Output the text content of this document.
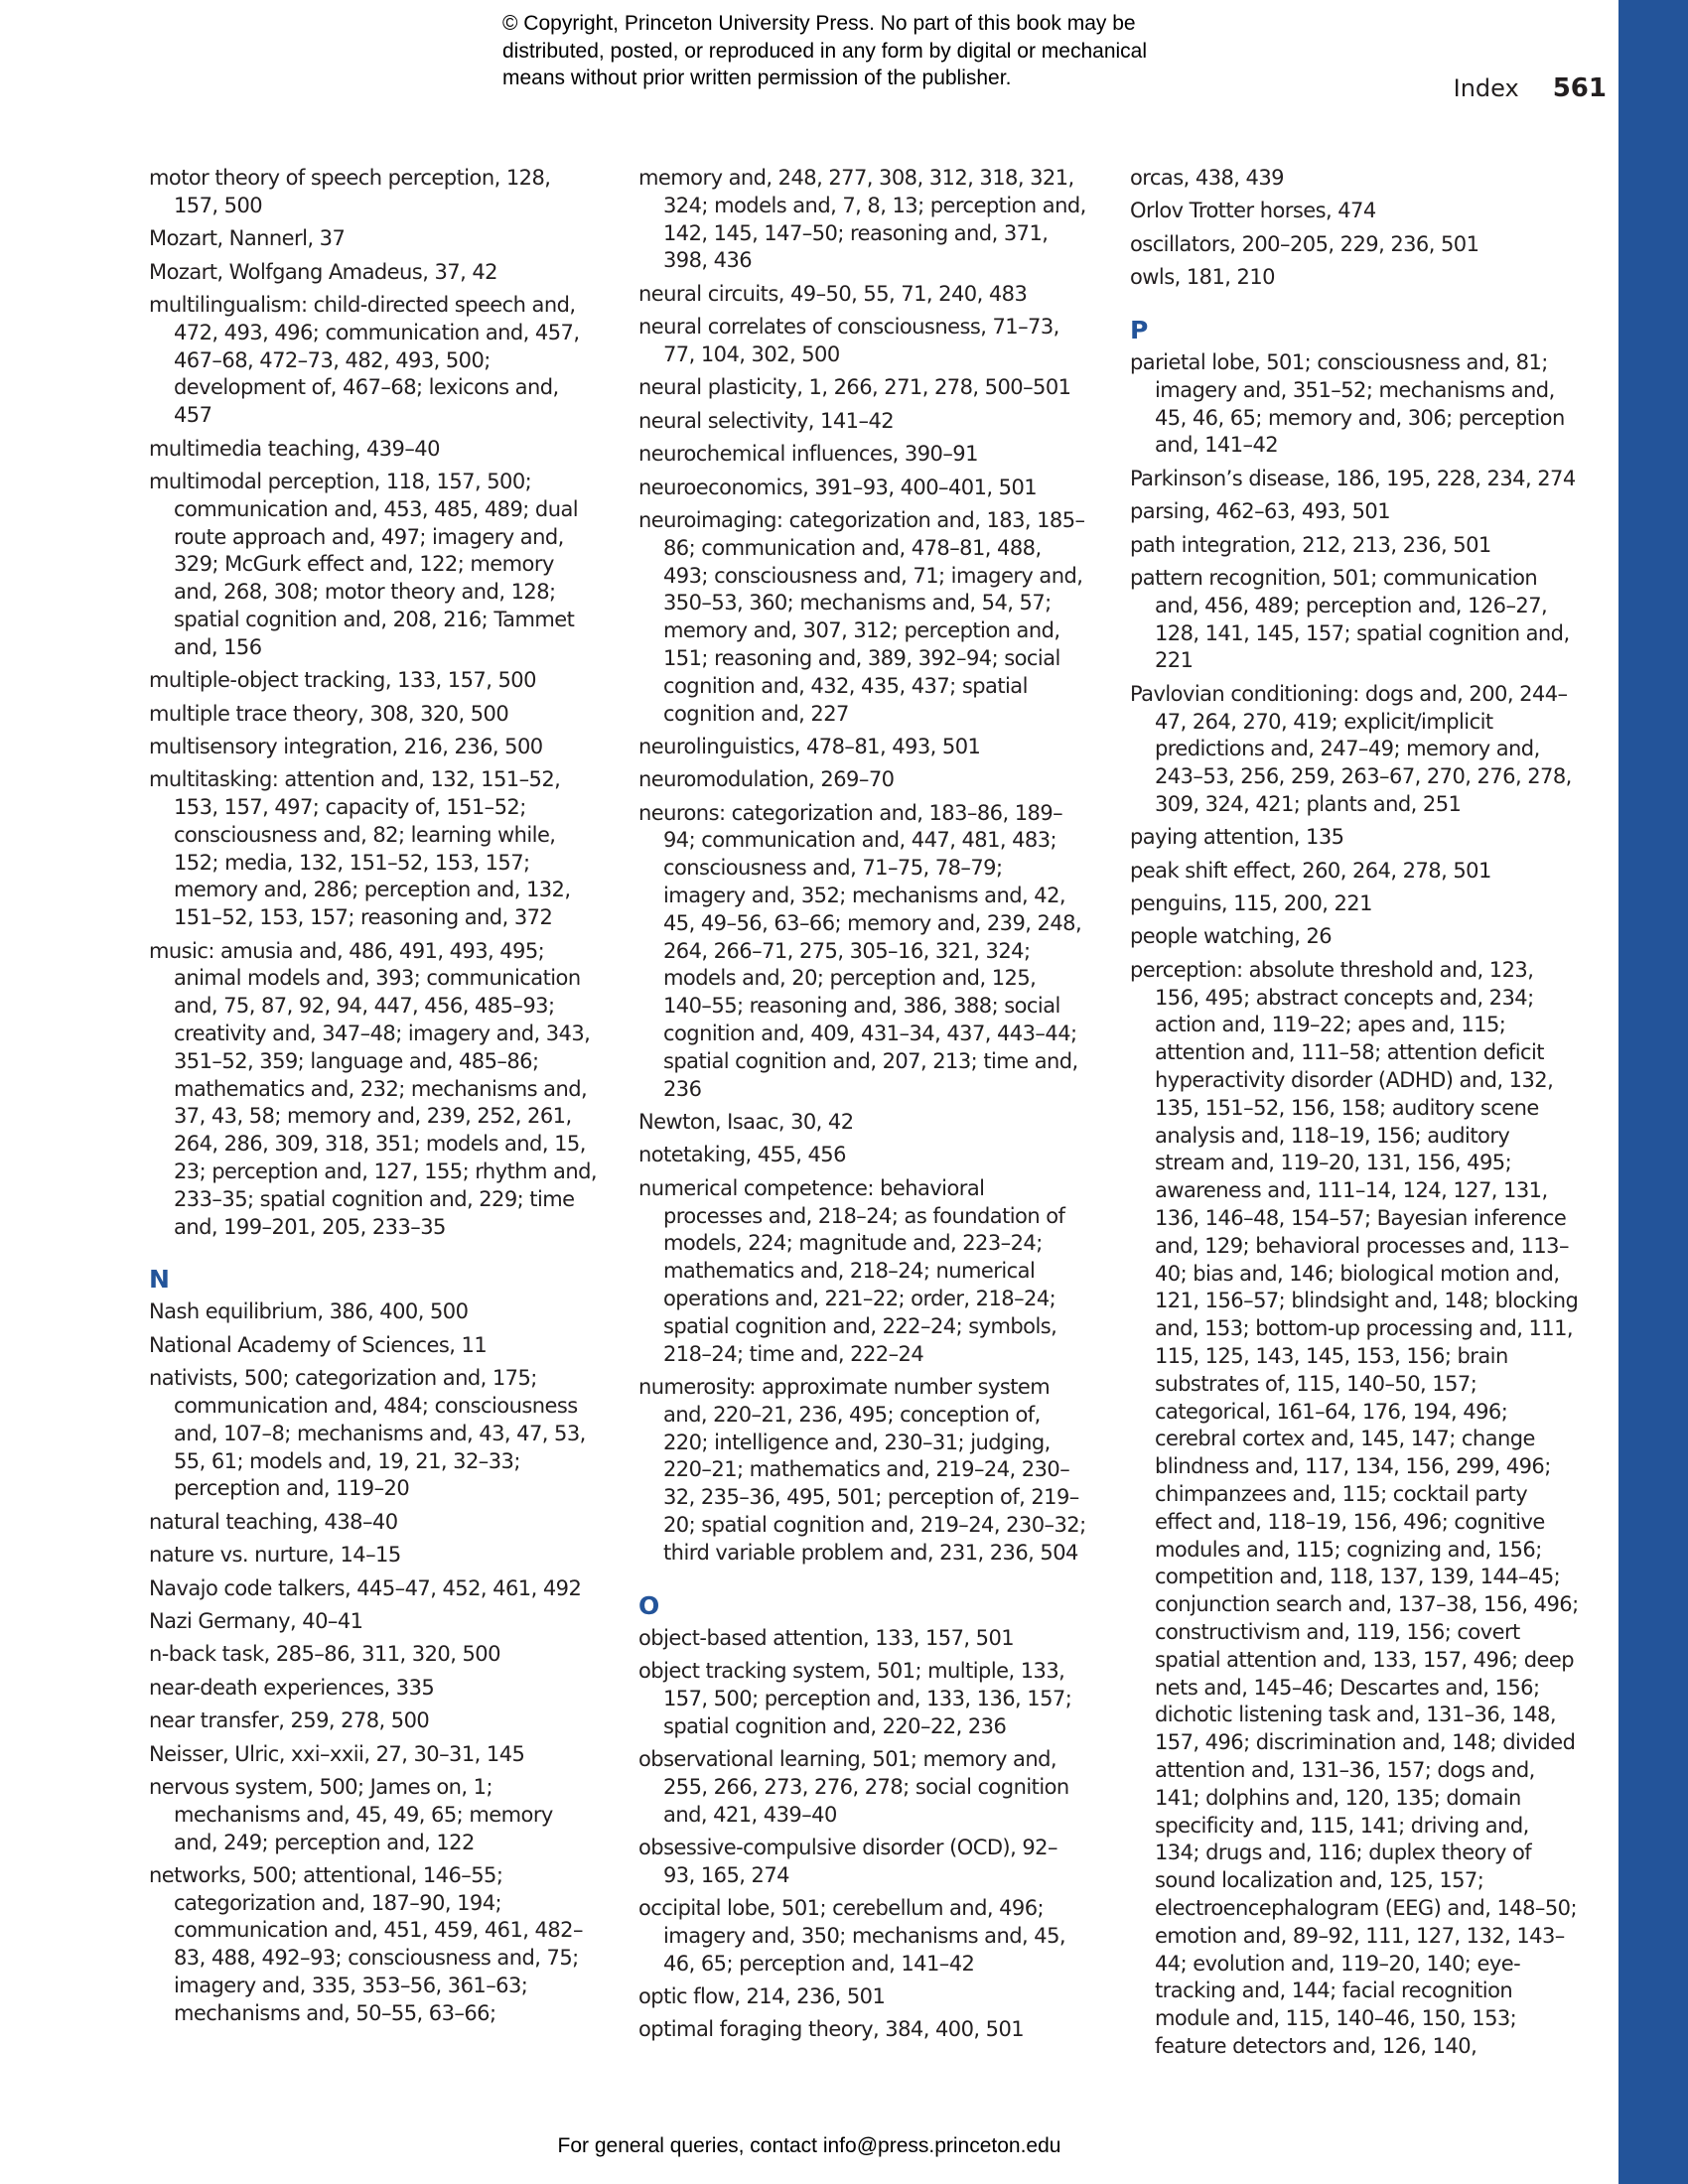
© Copyright, Princeton University Press. No part of this book may be
distributed, posted, or reproduced in any form by digital or mechanical
means without prior written permission of the publisher.	Index 561
motor theory of speech perception, 128, 157, 500
Mozart, Nannerl, 37
Mozart, Wolfgang Amadeus, 37, 42
multilingualism: child-directed speech and, 472, 493, 496; communication and, 457, 467–68, 472–73, 482, 493, 500; development of, 467–68; lexicons and, 457
multimedia teaching, 439–40
multimodal perception, 118, 157, 500; communication and, 453, 485, 489; dual route approach and, 497; imagery and, 329; McGurk effect and, 122; memory and, 268, 308; motor theory and, 128; spatial cognition and, 208, 216; Tammet and, 156
multiple-object tracking, 133, 157, 500
multiple trace theory, 308, 320, 500
multisensory integration, 216, 236, 500
multitasking: attention and, 132, 151–52, 153, 157, 497; capacity of, 151–52; consciousness and, 82; learning while, 152; media, 132, 151–52, 153, 157; memory and, 286; perception and, 132, 151–52, 153, 157; reasoning and, 372
music: amusia and, 486, 491, 493, 495; animal models and, 393; communication and, 75, 87, 92, 94, 447, 456, 485–93; creativity and, 347–48; imagery and, 343, 351–52, 359; language and, 485–86; mathematics and, 232; mechanisms and, 37, 43, 58; memory and, 239, 252, 261, 264, 286, 309, 318, 351; models and, 15, 23; perception and, 127, 155; rhythm and, 233–35; spatial cognition and, 229; time and, 199–201, 205, 233–35
N
Nash equilibrium, 386, 400, 500
National Academy of Sciences, 11
nativists, 500; categorization and, 175; communication and, 484; consciousness and, 107–8; mechanisms and, 43, 47, 53, 55, 61; models and, 19, 21, 32–33; perception and, 119–20
natural teaching, 438–40
nature vs. nurture, 14–15
Navajo code talkers, 445–47, 452, 461, 492
Nazi Germany, 40–41
n-back task, 285–86, 311, 320, 500
near-death experiences, 335
near transfer, 259, 278, 500
Neisser, Ulric, xxi–xxii, 27, 30–31, 145
nervous system, 500; James on, 1; mechanisms and, 45, 49, 65; memory and, 249; perception and, 122
networks, 500; attentional, 146–55; categorization and, 187–90, 194; communication and, 451, 459, 461, 482–83, 488, 492–93; consciousness and, 75; imagery and, 335, 353–56, 361–63; mechanisms and, 50–55, 63–66;
memory and, 248, 277, 308, 312, 318, 321, 324; models and, 7, 8, 13; perception and, 142, 145, 147–50; reasoning and, 371, 398, 436
neural circuits, 49–50, 55, 71, 240, 483
neural correlates of consciousness, 71–73, 77, 104, 302, 500
neural plasticity, 1, 266, 271, 278, 500–501
neural selectivity, 141–42
neurochemical influences, 390–91
neuroeconomics, 391–93, 400–401, 501
neuroimaging: categorization and, 183, 185–86; communication and, 478–81, 488, 493; consciousness and, 71; imagery and, 350–53, 360; mechanisms and, 54, 57; memory and, 307, 312; perception and, 151; reasoning and, 389, 392–94; social cognition and, 432, 435, 437; spatial cognition and, 227
neurolinguistics, 478–81, 493, 501
neuromodulation, 269–70
neurons: categorization and, 183–86, 189–94; communication and, 447, 481, 483; consciousness and, 71–75, 78–79; imagery and, 352; mechanisms and, 42, 45, 49–56, 63–66; memory and, 239, 248, 264, 266–71, 275, 305–16, 321, 324; models and, 20; perception and, 125, 140–55; reasoning and, 386, 388; social cognition and, 409, 431–34, 437, 443–44; spatial cognition and, 207, 213; time and, 236
Newton, Isaac, 30, 42
notetaking, 455, 456
numerical competence: behavioral processes and, 218–24; as foundation of models, 224; magnitude and, 223–24; mathematics and, 218–24; numerical operations and, 221–22; order, 218–24; spatial cognition and, 222–24; symbols, 218–24; time and, 222–24
numerosity: approximate number system and, 220–21, 236, 495; conception of, 220; intelligence and, 230–31; judging, 220–21; mathematics and, 219–24, 230–32, 235–36, 495, 501; perception of, 219–20; spatial cognition and, 219–24, 230–32; third variable problem and, 231, 236, 504
O
object-based attention, 133, 157, 501
object tracking system, 501; multiple, 133, 157, 500; perception and, 133, 136, 157; spatial cognition and, 220–22, 236
observational learning, 501; memory and, 255, 266, 273, 276, 278; social cognition and, 421, 439–40
obsessive-compulsive disorder (OCD), 92–93, 165, 274
occipital lobe, 501; cerebellum and, 496; imagery and, 350; mechanisms and, 45, 46, 65; perception and, 141–42
optic flow, 214, 236, 501
optimal foraging theory, 384, 400, 501
orcas, 438, 439
Orlov Trotter horses, 474
oscillators, 200–205, 229, 236, 501
owls, 181, 210
P
parietal lobe, 501; consciousness and, 81; imagery and, 351–52; mechanisms and, 45, 46, 65; memory and, 306; perception and, 141–42
Parkinson’s disease, 186, 195, 228, 234, 274
parsing, 462–63, 493, 501
path integration, 212, 213, 236, 501
pattern recognition, 501; communication and, 456, 489; perception and, 126–27, 128, 141, 145, 157; spatial cognition and, 221
Pavlovian conditioning: dogs and, 200, 244–47, 264, 270, 419; explicit/implicit predictions and, 247–49; memory and, 243–53, 256, 259, 263–67, 270, 276, 278, 309, 324, 421; plants and, 251
paying attention, 135
peak shift effect, 260, 264, 278, 501
penguins, 115, 200, 221
people watching, 26
perception: absolute threshold and, 123, 156, 495; abstract concepts and, 234; action and, 119–22; apes and, 115; attention and, 111–58; attention deficit hyperactivity disorder (ADHD) and, 132, 135, 151–52, 156, 158; auditory scene analysis and, 118–19, 156; auditory stream and, 119–20, 131, 156, 495; awareness and, 111–14, 124, 127, 131, 136, 146–48, 154–57; Bayesian inference and, 129; behavioral processes and, 113–40; bias and, 146; biological motion and, 121, 156–57; blindsight and, 148; blocking and, 153; bottom-up processing and, 111, 115, 125, 143, 145, 153, 156; brain substrates of, 115, 140–50, 157; categorical, 161–64, 176, 194, 496; cerebral cortex and, 145, 147; change blindness and, 117, 134, 156, 299, 496; chimpanzees and, 115; cocktail party effect and, 118–19, 156, 496; cognitive modules and, 115; cognizing and, 156; competition and, 118, 137, 139, 144–45; conjunction search and, 137–38, 156, 496; constructivism and, 119, 156; covert spatial attention and, 133, 157, 496; deep nets and, 145–46; Descartes and, 156; dichotic listening task and, 131–36, 148, 157, 496; discrimination and, 148; divided attention and, 131–36, 157; dogs and, 141; dolphins and, 120, 135; domain specificity and, 115, 141; driving and, 134; drugs and, 116; duplex theory of sound localization and, 125, 157; electroencephalogram (EEG) and, 148–50; emotion and, 89–92, 111, 127, 132, 143–44; evolution and, 119–20, 140; eye-tracking and, 144; facial recognition module and, 115, 140–46, 150, 153; feature detectors and, 126, 140,
For general queries, contact info@press.princeton.edu
